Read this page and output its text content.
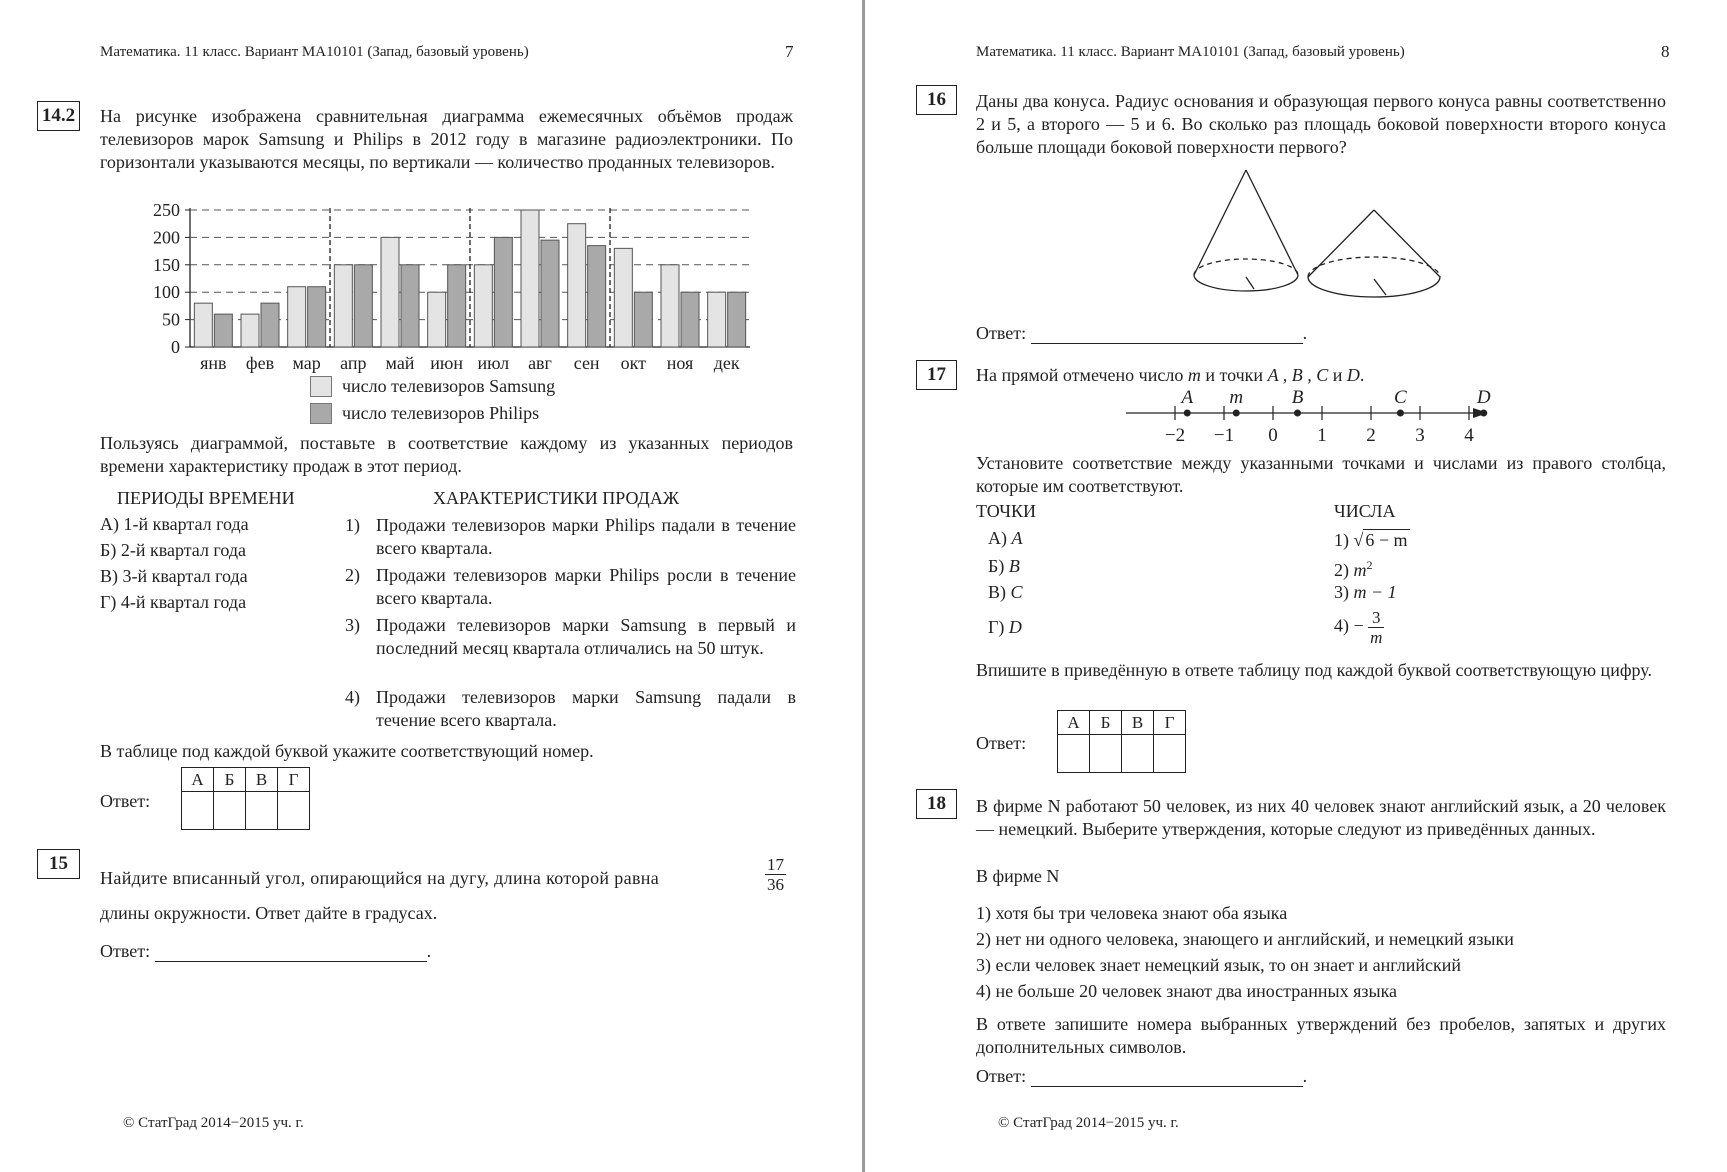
Математика. 11 класс. Вариант МА10101 (Запад, базовый уровень)	7
14.2 На рисунке изображена сравнительная диаграмма ежемесячных объёмов продаж телевизоров марок Samsung и Philips в 2012 году в магазине радиоэлектроники. По горизонтали указываются месяцы, по вертикали — количество проданных телевизоров.
0
50
100
150
200
250
янв фев мар апр май июн июл авг сен окт ноя дек
число телевизоров Samsung
число телевизоров Philips
Пользуясь диаграммой, поставьте в соответствие каждому из указанных периодов времени характеристику продаж в этот период.
ПЕРИОДЫ ВРЕМЕНИ	ХАРАКТЕРИСТИКИ ПРОДАЖ
А) 1-й квартал года
Б) 2-й квартал года
В) 3-й квартал года
Г) 4-й квартал года
1) Продажи телевизоров марки Philips падали в течение всего квартала.
2) Продажи телевизоров марки Philips росли в течение всего квартала.
3) Продажи телевизоров марки Samsung в первый и последний месяц квартала отличались на 50 штук.
4) Продажи телевизоров марки Samsung падали в течение всего квартала.
В таблице под каждой буквой укажите соответствующий номер.
Ответ:
А	Б	В	Г

15
Найдите вписанный угол, опирающийся на дугу, длина которой равна	$\frac{17}{36}$
длины окружности. Ответ дайте в градусах.
Ответ:	.
© СтатГрад 2014−2015 уч. г.
Математика. 11 класс. Вариант МА10101 (Запад, базовый уровень)	8
16	Даны два конуса. Радиус основания и образующая первого конуса равны соответственно 2 и 5, а второго — 5 и 6. Во сколько раз площадь боковой поверхности второго конуса больше площади боковой поверхности первого?
Ответ:	.
17	На прямой отмечено число m и точки A , B , C и D.
−2 −1 0 1 2 3 4
A m	B	C	D
Установите соответствие между указанными точками и числами из правого столбца, которые им соответствуют.
ТОЧКИ	ЧИСЛА
А) A
Б) B
В) C
Г) D
1) √ 6 − m
2) $m^2$
3) m − 1
$4) - \frac{3}{m}$
Впишите в приведённую в ответе таблицу под каждой буквой соответствующую цифру.
Ответ:
А	Б	В	Г

18	В фирме N работают 50 человек, из них 40 человек знают английский язык, а 20 человек — немецкий. Выберите утверждения, которые следуют из приведённых данных.
В фирме N
1) хотя бы три человека знают оба языка
2) нет ни одного человека, знающего и английский, и немецкий языки
3) если человек знает немецкий язык, то он знает и английский
4) не больше 20 человек знают два иностранных языка
В ответе запишите номера выбранных утверждений без пробелов, запятых и других дополнительных символов.
Ответ:	.
© СтатГрад 2014−2015 уч. г.
